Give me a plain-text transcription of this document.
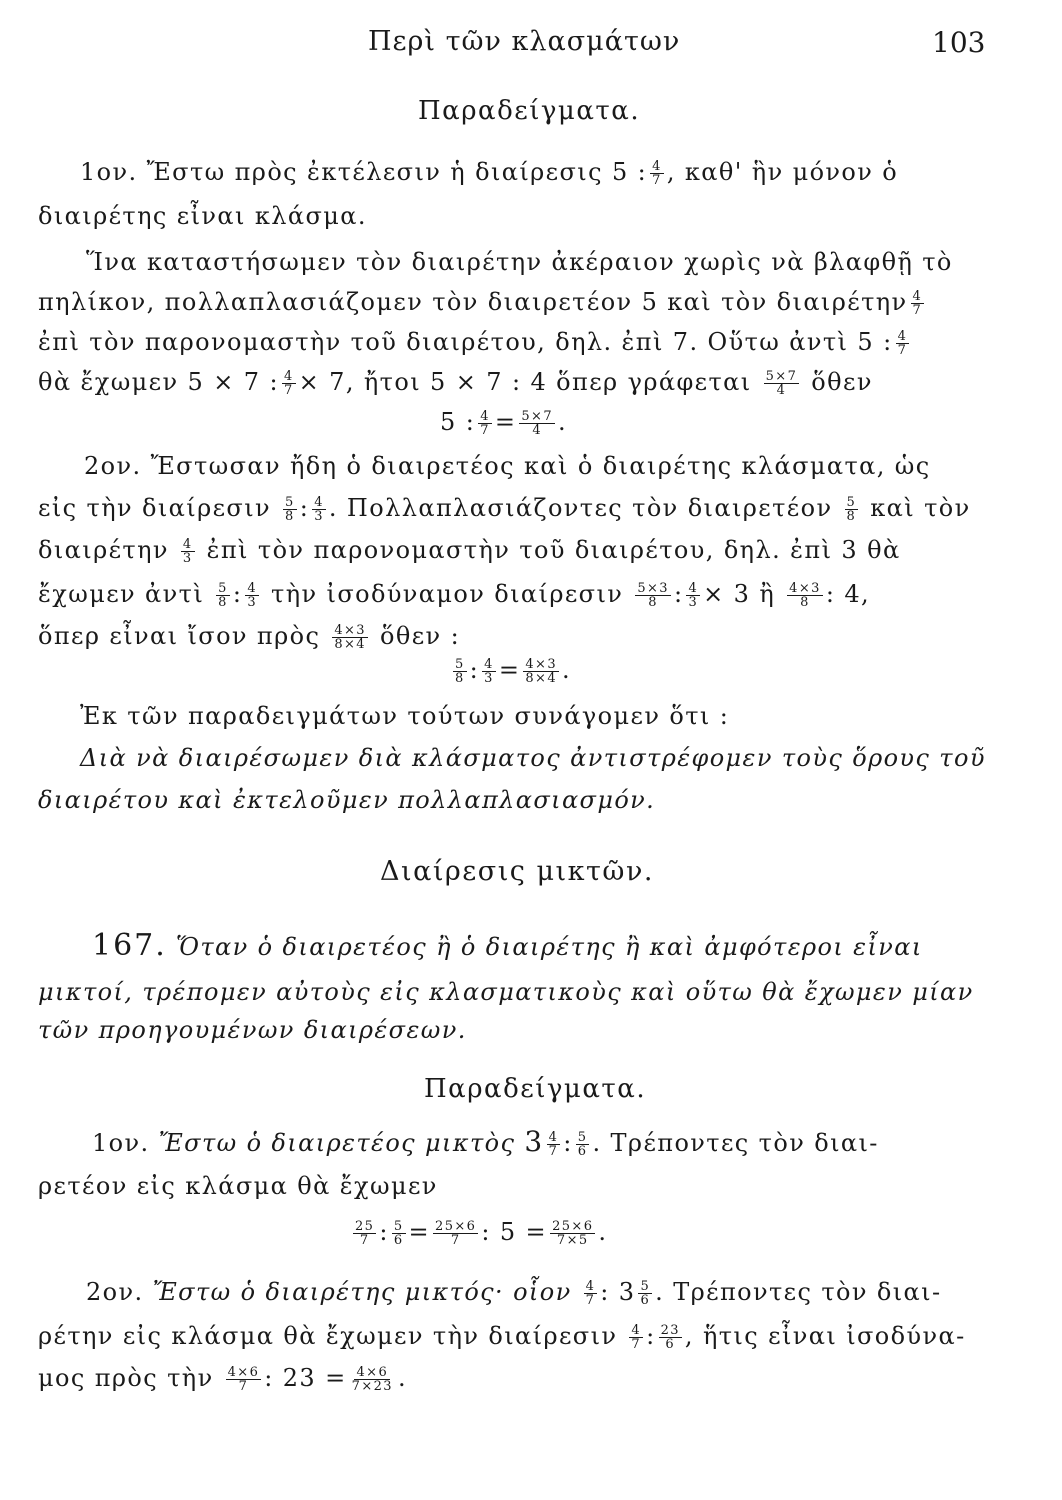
Περὶ τῶν κλασμάτων	103
Παραδείγματα.
1ον. Ἔστω πρὸς ἐκτέλεσιν ἡ διαίρεσις 5 : $\frac{4}{7}$ , καθ' ἣν μόνον ὁ
διαιρέτης εἶναι κλάσμα.
Ἵνα καταστήσωμεν τὸν διαιρέτην ἀκέραιον χωρὶς νὰ βλαφθῇ τὸ
πηλίκον, πολλαπλασιάζομεν τὸν διαιρετέον 5 καὶ τὸν διαιρέτην $\frac{4}{7}$
ἐπὶ τὸν παρονομαστὴν τοῦ διαιρέτου, δηλ. ἐπὶ 7. Οὕτω ἀντὶ 5 : $\frac{4}{7}$
θὰ ἔχωμεν 5 ⨯ 7 : $\frac{4}{7}$ ⨯ 7, ἤτοι 5 ⨯ 7 : 4 ὅπερ γράφεται $\frac{5⨯7}{4}$ ὅθεν
5 : $\frac{4}{7} = \frac{5⨯7}{4}$ .
2ον. Ἔστωσαν ἤδη ὁ διαιρετέος καὶ ὁ διαιρέτης κλάσματα, ὡς
εἰς τὴν διαίρεσιν $\frac{5}{8}$ : $\frac{4}{3}$ . Πολλαπλασιάζοντες τὸν διαιρετέον $\frac{5}{8}$ καὶ τὸν
διαιρέτην $\frac{4}{3}$ ἐπὶ τὸν παρονομαστὴν τοῦ διαιρέτου, δηλ. ἐπὶ 3 θὰ
ἔχωμεν ἀντὶ $\frac{5}{8}$ : $\frac{4}{3}$ τὴν ἰσοδύναμον διαίρεσιν $\frac{5⨯3}{8}$ : $\frac{4}{3}$ ⨯ 3 ἢ $\frac{4⨯3}{8}$ : 4,
ὅπερ εἶναι ἴσον πρὸς $\frac{4⨯3}{8⨯4}$ ὅθεν :
$\frac{5}{8}$ : $\frac{4}{3} = \frac{4⨯3}{8⨯4}$ .
Ἐκ τῶν παραδειγμάτων τούτων συνάγομεν ὅτι :
Διὰ νὰ διαιρέσωμεν διὰ κλάσματος ἀντιστρέφομεν τοὺς ὅρους τοῦ
διαιρέτου καὶ ἐκτελοῦμεν πολλαπλασιασμόν.
Διαίρεσις μικτῶν.
167. Ὅταν ὁ διαιρετέος ἢ ὁ διαιρέτης ἢ καὶ ἀμφότεροι εἶναι
μικτοί, τρέπομεν αὐτοὺς εἰς κλασματικοὺς καὶ οὕτω θὰ ἔχωμεν μίαν
τῶν προηγουμένων διαιρέσεων.
Παραδείγματα.
1ον. Ἔστω ὁ διαιρετέος μικτὸς $3 \frac{4}{7}$ : $\frac{5}{6}$ . Τρέποντες τὸν διαι-
ρετέον εἰς κλάσμα θὰ ἔχωμεν
$\frac{25}{7}$ : $\frac{5}{6} = \frac{25⨯6}{7}$ : $5 = \frac{25⨯6}{7⨯5}$ .
2ον. Ἔστω ὁ διαιρέτης μικτός· οἷον $\frac{4}{7}$ : $3 \frac{5}{6}$ . Τρέποντες τὸν διαι-
ρέτην εἰς κλάσμα θὰ ἔχωμεν τὴν διαίρεσιν $\frac{4}{7}$ : $\frac{23}{6}$ , ἥτις εἶναι ἰσοδύνα-
μος πρὸς τὴν $\frac{4⨯6}{7}$ : $23 = \frac{4⨯6}{7⨯23}$ .
